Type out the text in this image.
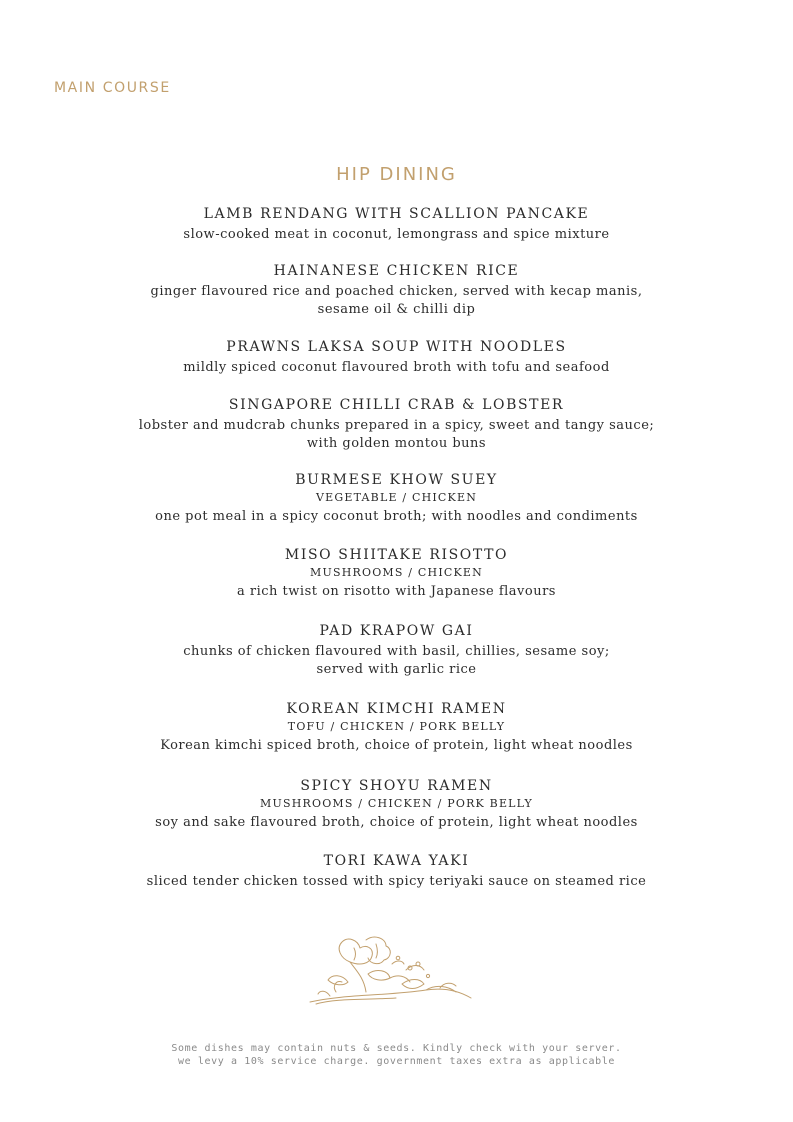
MAIN COURSE
HIP DINING
LAMB RENDANG WITH SCALLION PANCAKE
slow-cooked meat in coconut, lemongrass and spice mixture
HAINANESE CHICKEN RICE
ginger flavoured rice and poached chicken, served with kecap manis,
sesame oil & chilli dip
PRAWNS LAKSA SOUP WITH NOODLES
mildly spiced coconut flavoured broth with tofu and seafood
SINGAPORE CHILLI CRAB & LOBSTER
lobster and mudcrab chunks prepared in a spicy, sweet and tangy sauce;
with golden montou buns
BURMESE KHOW SUEY
VEGETABLE / CHICKEN
one pot meal in a spicy coconut broth; with noodles and condiments
MISO SHIITAKE RISOTTO
MUSHROOMS / CHICKEN
a rich twist on risotto with Japanese flavours
PAD KRAPOW GAI
chunks of chicken flavoured with basil, chillies, sesame soy;
served with garlic rice
KOREAN KIMCHI RAMEN
TOFU / CHICKEN / PORK BELLY
Korean kimchi spiced broth, choice of protein, light wheat noodles
SPICY SHOYU RAMEN
MUSHROOMS / CHICKEN / PORK BELLY
soy and sake flavoured broth, choice of protein, light wheat noodles
TORI KAWA YAKI
sliced tender chicken tossed with spicy teriyaki sauce on steamed rice
Some dishes may contain nuts & seeds. Kindly check with your server.
we levy a 10% service charge. government taxes extra as applicable
